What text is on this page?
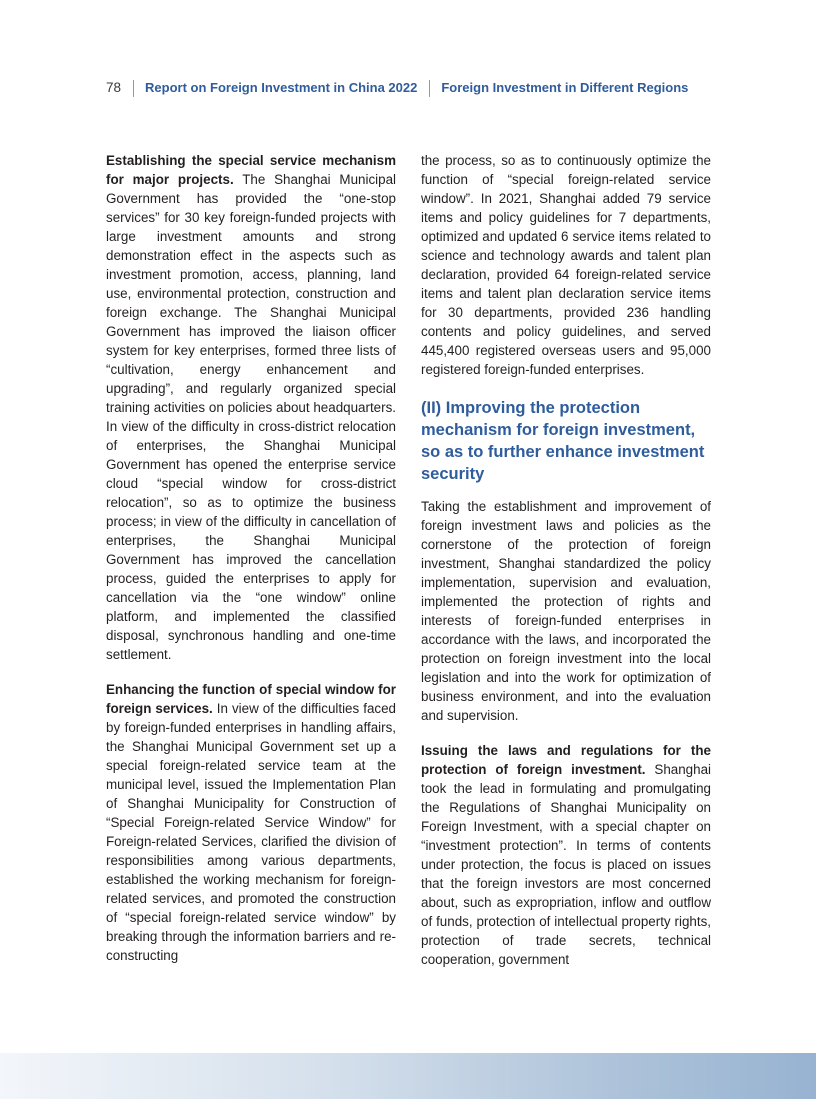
78 Report on Foreign Investment in China 2022 Foreign Investment in Different Regions

Establishing the special service mechanism for major projects. The Shanghai Municipal Government has provided the “one-stop services” for 30 key foreign-funded projects with large investment amounts and strong demonstration effect in the aspects such as investment promotion, access, planning, land use, environmental protection, construction and foreign exchange. The Shanghai Municipal Government has improved the liaison officer system for key enterprises, formed three lists of “cultivation, energy enhancement and upgrading”, and regularly organized special training activities on policies about headquarters. In view of the difficulty in cross-district relocation of enterprises, the Shanghai Municipal Government has opened the enterprise service cloud “special window for cross-district relocation”, so as to optimize the business process; in view of the difficulty in cancellation of enterprises, the Shanghai Municipal Government has improved the cancellation process, guided the enterprises to apply for cancellation via the “one window” online platform, and implemented the classified disposal, synchronous handling and one-time settlement.

Enhancing the function of special window for foreign services. In view of the difficulties faced by foreign-funded enterprises in handling affairs, the Shanghai Municipal Government set up a special foreign-related service team at the municipal level, issued the Implementation Plan of Shanghai Municipality for Construction of “Special Foreign-related Service Window” for Foreign-related Services, clarified the division of responsibilities among various departments, established the working mechanism for foreign-related services, and promoted the construction of “special foreign-related service window” by breaking through the information barriers and re-constructing

the process, so as to continuously optimize the function of “special foreign-related service window”. In 2021, Shanghai added 79 service items and policy guidelines for 7 departments, optimized and updated 6 service items related to science and technology awards and talent plan declaration, provided 64 foreign-related service items and talent plan declaration service items for 30 departments, provided 236 handling contents and policy guidelines, and served 445,400 registered overseas users and 95,000 registered foreign-funded enterprises.

(II) Improving the protection mechanism for foreign investment, so as to further enhance investment security

Taking the establishment and improvement of foreign investment laws and policies as the cornerstone of the protection of foreign investment, Shanghai standardized the policy implementation, supervision and evaluation, implemented the protection of rights and interests of foreign-funded enterprises in accordance with the laws, and incorporated the protection on foreign investment into the local legislation and into the work for optimization of business environment, and into the evaluation and supervision.

Issuing the laws and regulations for the protection of foreign investment. Shanghai took the lead in formulating and promulgating the Regulations of Shanghai Municipality on Foreign Investment, with a special chapter on “investment protection”. In terms of contents under protection, the focus is placed on issues that the foreign investors are most concerned about, such as expropriation, inflow and outflow of funds, protection of intellectual property rights, protection of trade secrets, technical cooperation, government
